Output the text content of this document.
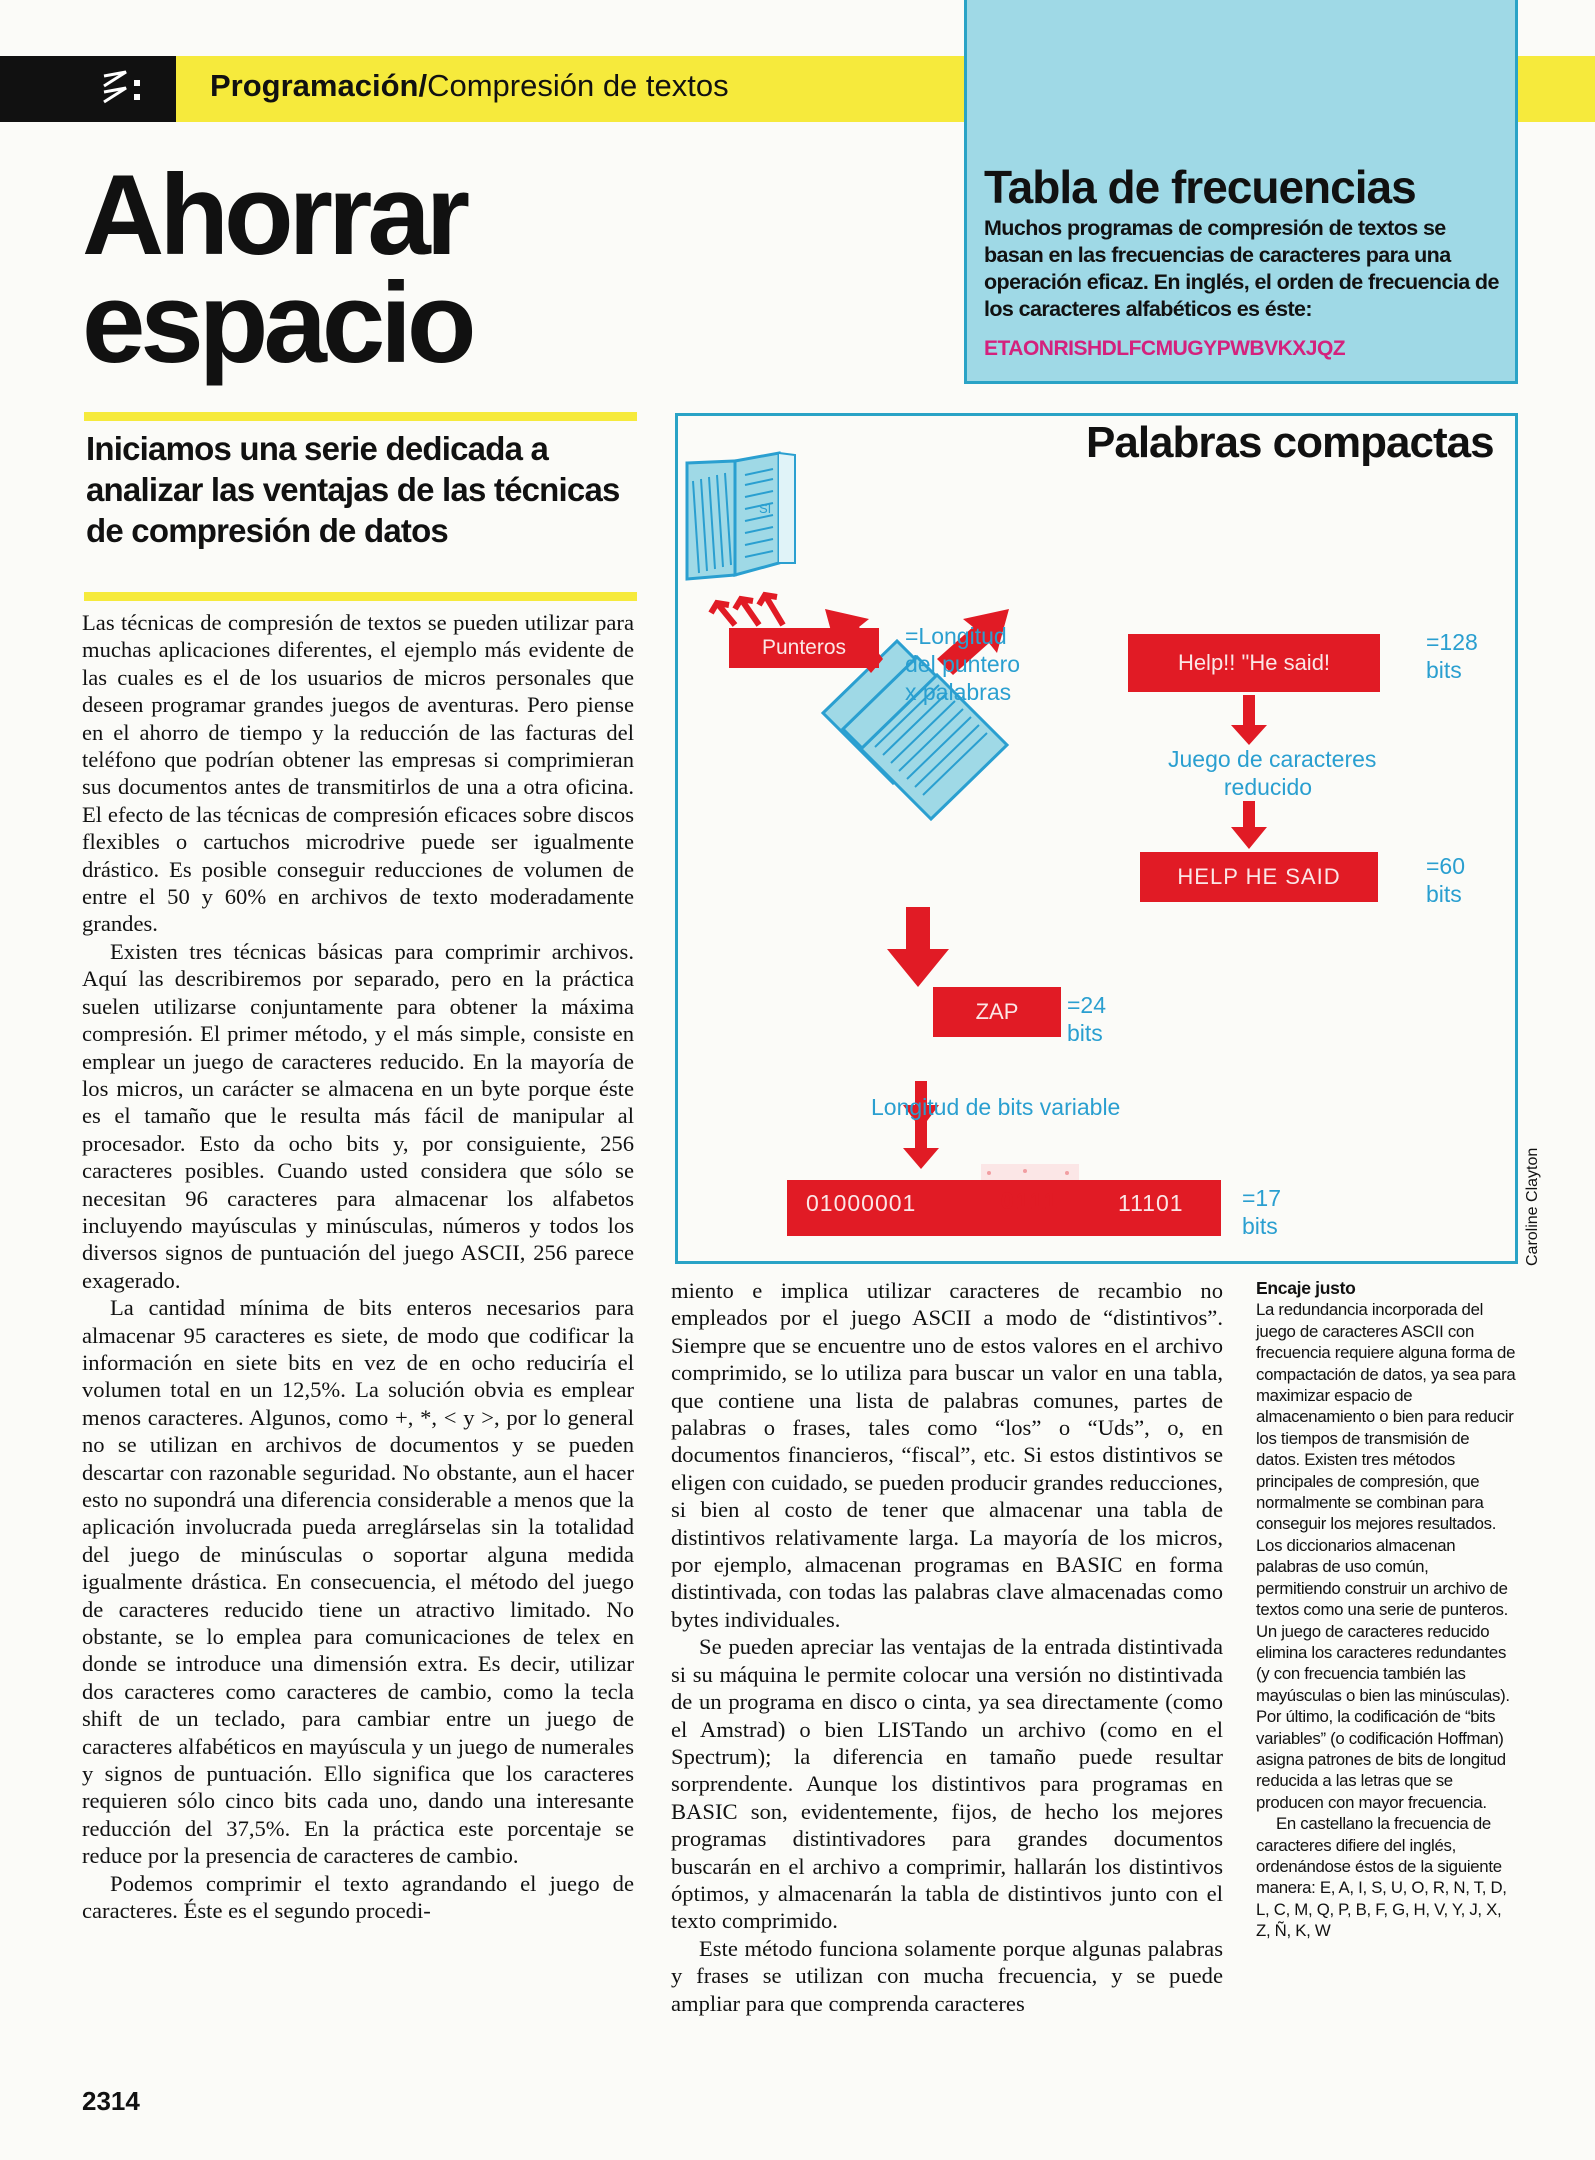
Programación/Compresión de textos
Tabla de frecuencias
Muchos programas de compresión de textos se basan en las frecuencias de caracteres para una operación eficaz. En inglés, el orden de frecuencia de los caracteres alfabéticos es éste:
ETAONRISHDLFCMUGYPWBVKXJQZ
Ahorrar
espacio
Iniciamos una serie dedicada a analizar las ventajas de las técnicas de compresión de datos

Las técnicas de compresión de textos se pueden utilizar para muchas aplicaciones diferentes, el ejemplo más evidente de las cuales es el de los usuarios de micros personales que deseen programar grandes juegos de aventuras. Pero piense en el ahorro de tiempo y la reducción de las facturas del teléfono que podrían obtener las empresas si comprimieran sus documentos antes de transmitirlos de una a otra oficina. El efecto de las técnicas de compresión eficaces sobre discos flexibles o cartuchos microdrive puede ser igualmente drástico. Es posible conseguir reducciones de volumen de entre el 50 y 60% en archivos de texto moderadamente grandes.

Existen tres técnicas básicas para comprimir archivos. Aquí las describiremos por separado, pero en la práctica suelen utilizarse conjuntamente para obtener la máxima compresión. El primer método, y el más simple, consiste en emplear un juego de caracteres reducido. En la mayoría de los micros, un carácter se almacena en un byte porque éste es el tamaño que le resulta más fácil de manipular al procesador. Esto da ocho bits y, por consiguiente, 256 caracteres posibles. Cuando usted considera que sólo se necesitan 96 caracteres para almacenar los alfabetos incluyendo mayúsculas y minúsculas, números y todos los diversos signos de puntuación del juego ASCII, 256 parece exagerado.

La cantidad mínima de bits enteros necesarios para almacenar 95 caracteres es siete, de modo que codificar la información en siete bits en vez de en ocho reduciría el volumen total en un 12,5%. La solución obvia es emplear menos caracteres. Algunos, como +, *, < y >, por lo general no se utilizan en archivos de documentos y se pueden descartar con razonable seguridad. No obstante, aun el hacer esto no supondrá una diferencia considerable a menos que la aplicación involucrada pueda arreglárselas sin la totalidad del juego de minúsculas o soportar alguna medida igualmente drástica. En consecuencia, el método del juego de caracteres reducido tiene un atractivo limitado. No obstante, se lo emplea para comunicaciones de telex en donde se introduce una dimensión extra. Es decir, utilizar dos caracteres como caracteres de cambio, como la tecla shift de un teclado, para cambiar entre un juego de caracteres alfabéticos en mayúscula y un juego de numerales y signos de puntuación. Ello significa que los caracteres requieren sólo cinco bits cada uno, dando una interesante reducción del 37,5%. En la práctica este porcentaje se reduce por la presencia de caracteres de cambio.

Podemos comprimir el texto agrandando el juego de caracteres. Éste es el segundo procedi-

miento e implica utilizar caracteres de recambio no empleados por el juego ASCII a modo de “distintivos”. Siempre que se encuentre uno de estos valores en el archivo comprimido, se lo utiliza para buscar un valor en una tabla, que contiene una lista de palabras comunes, partes de palabras o frases, tales como “los” o “Uds”, o, en documentos financieros, “fiscal”, etc. Si estos distintivos se eligen con cuidado, se pueden producir grandes reducciones, si bien al costo de tener que almacenar una tabla de distintivos relativamente larga. La mayoría de los micros, por ejemplo, almacenan programas en BASIC en forma distintivada, con todas las palabras clave almacenadas como bytes individuales.

Se pueden apreciar las ventajas de la entrada distintivada si su máquina le permite colocar una versión no distintivada de un programa en disco o cinta, ya sea directamente (como el Amstrad) o bien LISTando un archivo (como en el Spectrum); la diferencia en tamaño puede resultar sorprendente. Aunque los distintivos para programas en BASIC son, evidentemente, fijos, de hecho los mejores programas distintivadores para grandes documentos buscarán en el archivo a comprimir, hallarán los distintivos óptimos, y almacenarán la tabla de distintivos junto con el texto comprimido.

Este método funciona solamente porque algunas palabras y frases se utilizan con mucha frecuencia, y se puede ampliar para que comprenda caracteres

Palabras compactas
SI
Punteros	=Longitud
del puntero
x palabras
Help!! "He said!
=128
bits
Juego de caracteres
reducido
HELP HE SAID	=60
bits
ZAP	=24
bits
Longitud de bits variable
01000001	0111	11101	=17
bits

Encaje justo

La redundancia incorporada del juego de caracteres ASCII con frecuencia requiere alguna forma de compactación de datos, ya sea para maximizar espacio de almacenamiento o bien para reducir los tiempos de transmisión de datos. Existen tres métodos principales de compresión, que normalmente se combinan para conseguir los mejores resultados. Los diccionarios almacenan palabras de uso común, permitiendo construir un archivo de textos como una serie de punteros. Un juego de caracteres reducido elimina los caracteres redundantes (y con frecuencia también las mayúsculas o bien las minúsculas). Por último, la codificación de “bits variables” (o codificación Hoffman) asigna patrones de bits de longitud reducida a las letras que se producen con mayor frecuencia.

En castellano la frecuencia de caracteres difiere del inglés, ordenándose éstos de la siguiente manera: E, A, I, S, U, O, R, N, T, D, L, C, M, Q, P, B, F, G, H, V, Y, J, X, Z, Ñ, K, W

Caroline Clayton
2314
